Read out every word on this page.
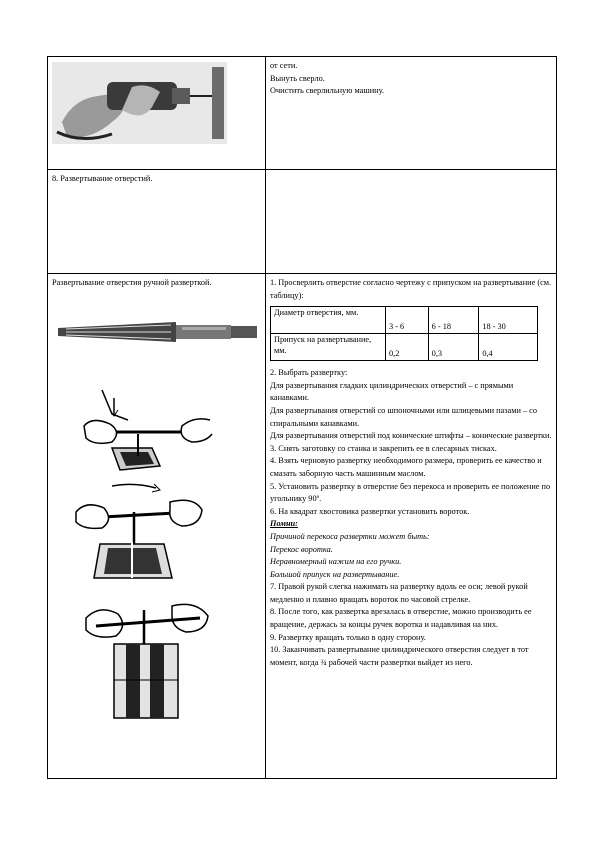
от сети.
Вынуть сверло.
Очистить сверлильную машину.

8. Развертывание отверстий.

Развертывание отверстия ручной разверткой.	1. Просверлить отверстие согласно чертежу с припуском на развертывание (см. таблицу):
Диаметр отверстия, мм.	3 - 6	6 - 18	18 - 30
Припуск на развертывание, мм.	0,2	0,3	0,4
2. Выбрать развертку:
Для развертывания гладких цилиндрических отверстий – с прямыми канавками.
Для развертывания отверстий со шпоночными или шлицевыми пазами – со спиральными канавками.
Для развертывания отверстий под конические штифты – конические развертки.
3. Снять заготовку со станка и закрепить ее в слесарных тисках.
4. Взять черновую развертку необходимого размера, проверить ее качество и смазать заборную часть машинным маслом.
5. Установить развертку в отверстие без перекоса и проверить ее положение по угольнику 90º.
6. На квадрат хвостовика развертки установить вороток.
Помни:
Причиной перекоса развертки может быть:
Перекос воротка.
Неравномерный нажим на его ручки.
Большой припуск на развертывание.
7. Правой рукой слегка нажимать на развертку вдоль ее оси; левой рукой медленно и плавно вращать вороток по часовой стрелке.
8. После того, как развертка врезалась в отверстие, можно производить ее вращение, держась за концы ручек воротка и надавливая на них.
9. Развертку вращать только в одну сторону.
10. Заканчивать развертывание цилиндрического отверстия следует в тот момент, когда ¾ рабочей части развертки выйдет из него.
